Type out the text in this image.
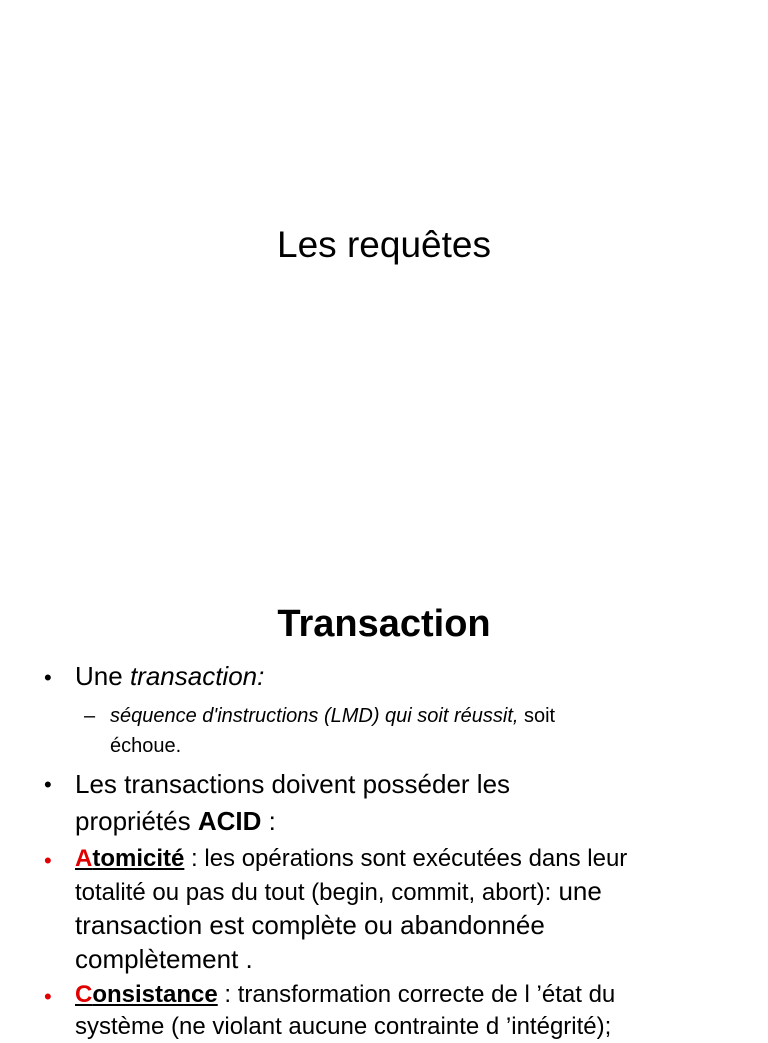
Les requêtes
Transaction
• Une transaction:
– séquence d'instructions (LMD) qui soit réussit, soit
échoue.
• Les transactions doivent posséder les
propriétés ACID :
• Atomicité : les opérations sont exécutées dans leur
totalité ou pas du tout (begin, commit, abort): une
transaction est complète ou abandonnée
complètement .
• Consistance : transformation correcte de l ’état du
système (ne violant aucune contrainte d ’intégrité);
